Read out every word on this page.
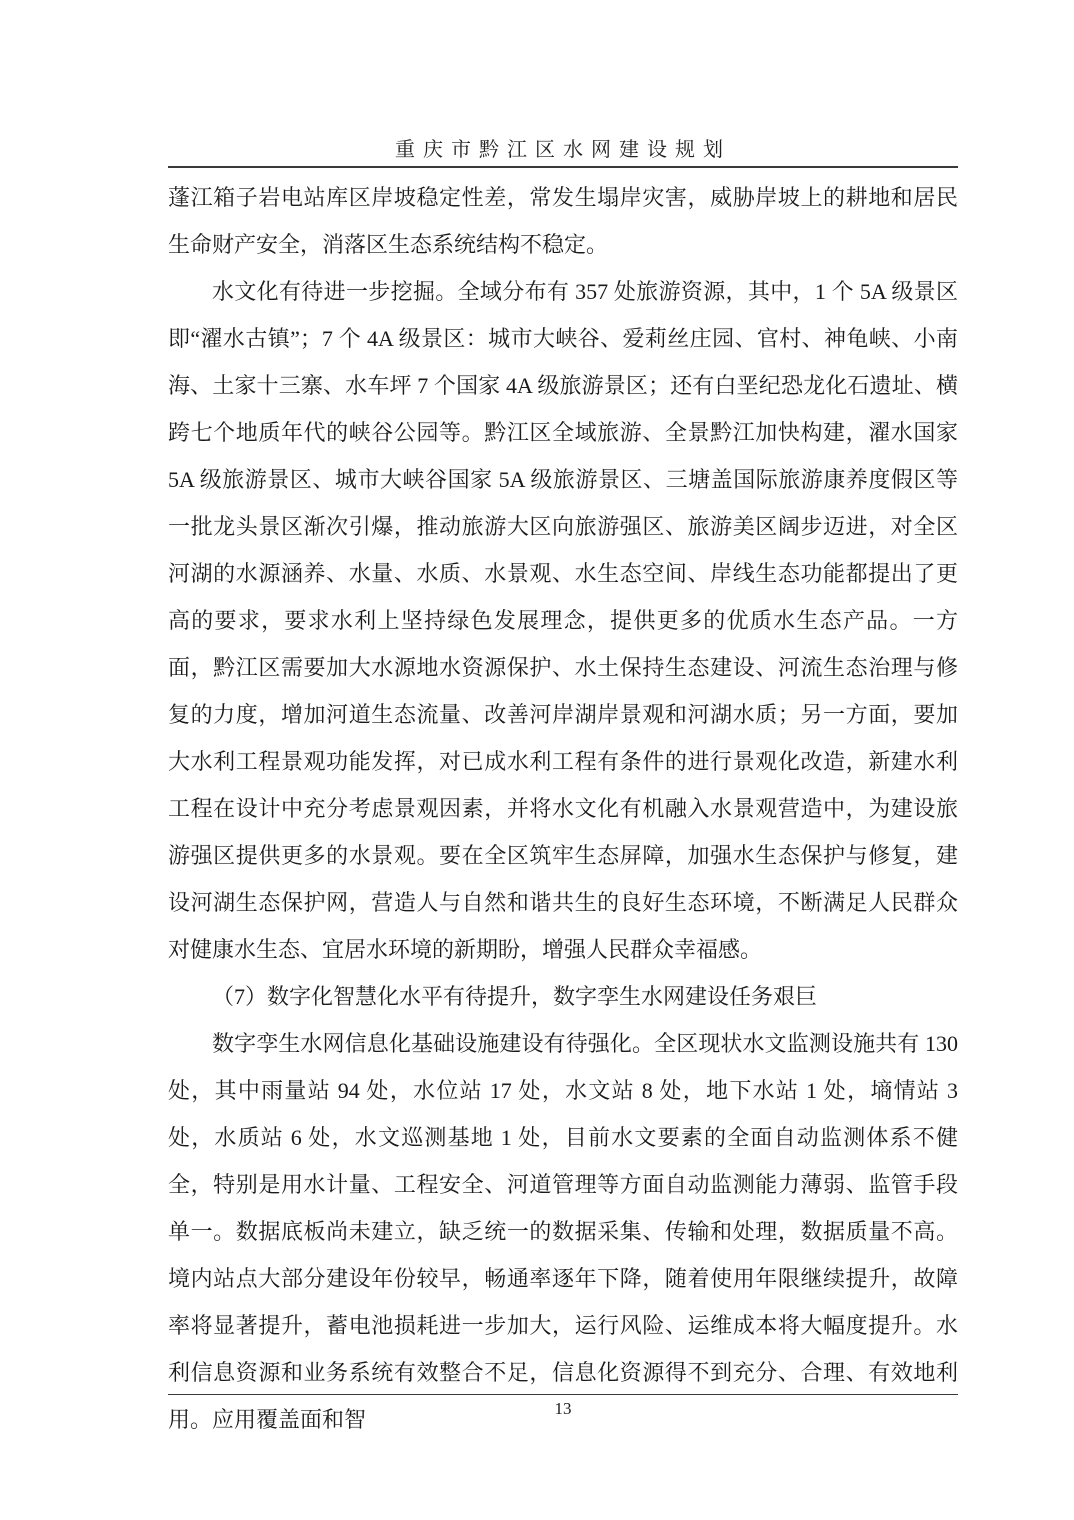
重庆市黔江区水网建设规划

蓬江箱子岩电站库区岸坡稳定性差，常发生塌岸灾害，威胁岸坡上的耕地和居民生命财产安全，消落区生态系统结构不稳定。

水文化有待进一步挖掘。全域分布有 357 处旅游资源，其中，1 个 5A 级景区即“濯水古镇”；7 个 4A 级景区：城市大峡谷、爱莉丝庄园、官村、神龟峡、小南海、土家十三寨、水车坪 7 个国家 4A 级旅游景区；还有白垩纪恐龙化石遗址、横跨七个地质年代的峡谷公园等。黔江区全域旅游、全景黔江加快构建，濯水国家 5A 级旅游景区、城市大峡谷国家 5A 级旅游景区、三塘盖国际旅游康养度假区等一批龙头景区渐次引爆，推动旅游大区向旅游强区、旅游美区阔步迈进，对全区河湖的水源涵养、水量、水质、水景观、水生态空间、岸线生态功能都提出了更高的要求，要求水利上坚持绿色发展理念，提供更多的优质水生态产品。一方面，黔江区需要加大水源地水资源保护、水土保持生态建设、河流生态治理与修复的力度，增加河道生态流量、改善河岸湖岸景观和河湖水质；另一方面，要加大水利工程景观功能发挥，对已成水利工程有条件的进行景观化改造，新建水利工程在设计中充分考虑景观因素，并将水文化有机融入水景观营造中，为建设旅游强区提供更多的水景观。要在全区筑牢生态屏障，加强水生态保护与修复，建设河湖生态保护网，营造人与自然和谐共生的良好生态环境，不断满足人民群众对健康水生态、宜居水环境的新期盼，增强人民群众幸福感。

（7）数字化智慧化水平有待提升，数字孪生水网建设任务艰巨

数字孪生水网信息化基础设施建设有待强化。全区现状水文监测设施共有 130 处，其中雨量站 94 处，水位站 17 处，水文站 8 处，地下水站 1 处，墒情站 3 处，水质站 6 处，水文巡测基地 1 处，目前水文要素的全面自动监测体系不健全，特别是用水计量、工程安全、河道管理等方面自动监测能力薄弱、监管手段单一。数据底板尚未建立，缺乏统一的数据采集、传输和处理，数据质量不高。境内站点大部分建设年份较早，畅通率逐年下降，随着使用年限继续提升，故障率将显著提升，蓄电池损耗进一步加大，运行风险、运维成本将大幅度提升。水利信息资源和业务系统有效整合不足，信息化资源得不到充分、合理、有效地利用。应用覆盖面和智	13
